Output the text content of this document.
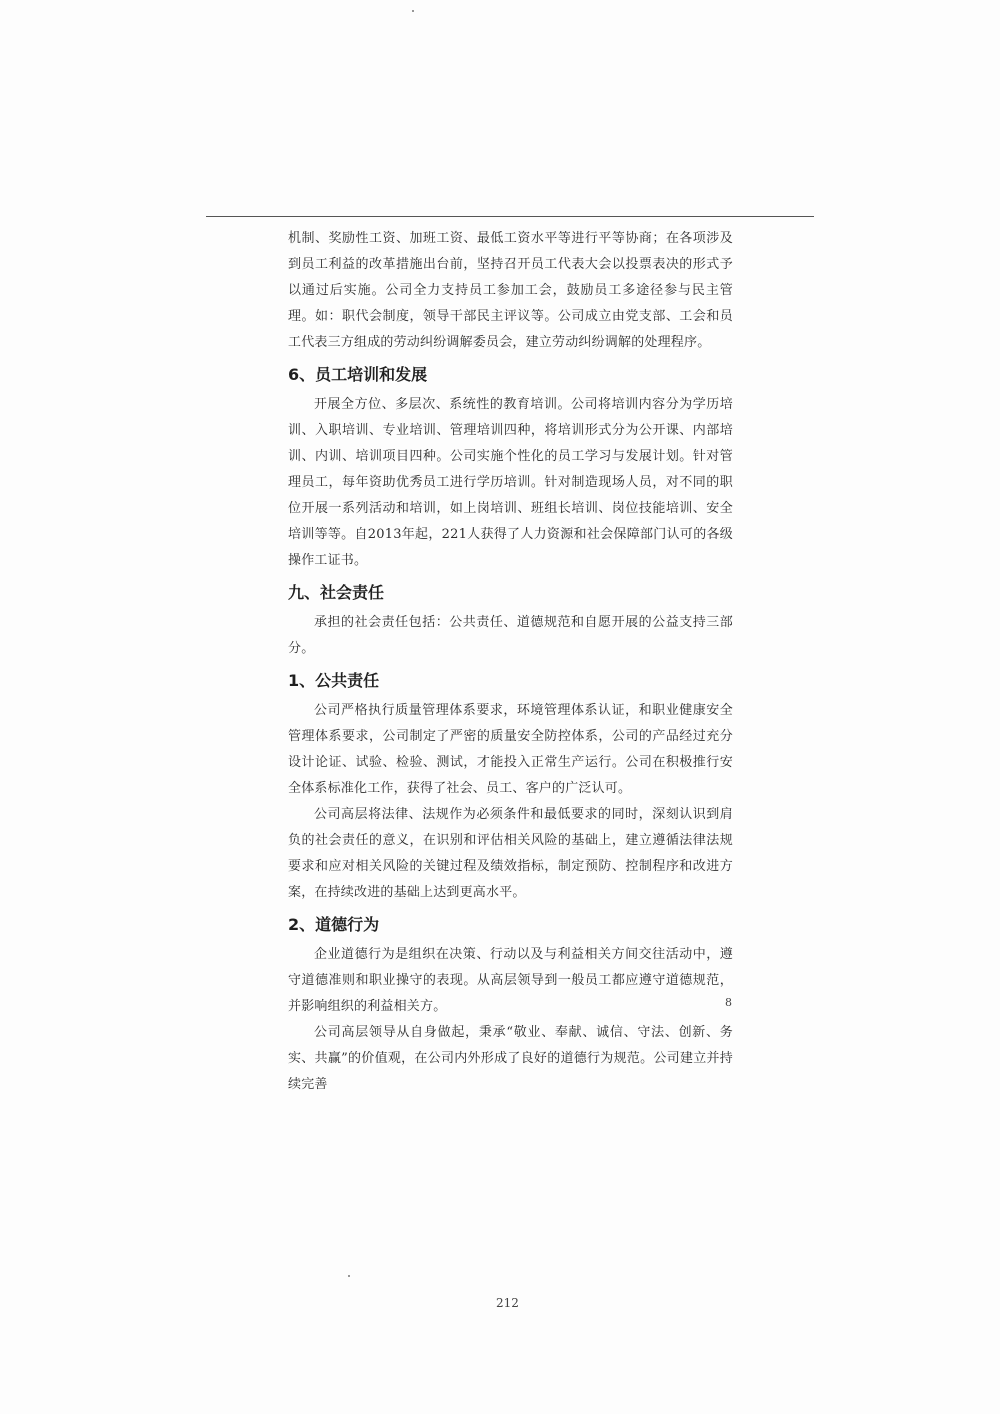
机制、奖励性工资、加班工资、最低工资水平等进行平等协商；在各项涉及到员工利益的改革措施出台前，坚持召开员工代表大会以投票表决的形式予以通过后实施。公司全力支持员工参加工会，鼓励员工多途径参与民主管理。如：职代会制度，领导干部民主评议等。公司成立由党支部、工会和员工代表三方组成的劳动纠纷调解委员会，建立劳动纠纷调解的处理程序。

6、员工培训和发展

开展全方位、多层次、系统性的教育培训。公司将培训内容分为学历培训、入职培训、专业培训、管理培训四种，将培训形式分为公开课、内部培训、内训、培训项目四种。公司实施个性化的员工学习与发展计划。针对管理员工，每年资助优秀员工进行学历培训。针对制造现场人员，对不同的职位开展一系列活动和培训，如上岗培训、班组长培训、岗位技能培训、安全培训等等。自2013年起，221人获得了人力资源和社会保障部门认可的各级操作工证书。

九、社会责任

承担的社会责任包括：公共责任、道德规范和自愿开展的公益支持三部分。

1、公共责任

公司严格执行质量管理体系要求，环境管理体系认证，和职业健康安全管理体系要求，公司制定了严密的质量安全防控体系，公司的产品经过充分设计论证、试验、检验、测试，才能投入正常生产运行。公司在积极推行安全体系标准化工作，获得了社会、员工、客户的广泛认可。

公司高层将法律、法规作为必须条件和最低要求的同时，深刻认识到肩负的社会责任的意义，在识别和评估相关风险的基础上，建立遵循法律法规要求和应对相关风险的关键过程及绩效指标，制定预防、控制程序和改进方案，在持续改进的基础上达到更高水平。

2、道德行为

企业道德行为是组织在决策、行动以及与利益相关方间交往活动中，遵守道德准则和职业操守的表现。从高层领导到一般员工都应遵守道德规范，并影响组织的利益相关方。

公司高层领导从自身做起，秉承“敬业、奉献、诚信、守法、创新、务实、共赢”的价值观，在公司内外形成了良好的道德行为规范。公司建立并持续完善

8
212
